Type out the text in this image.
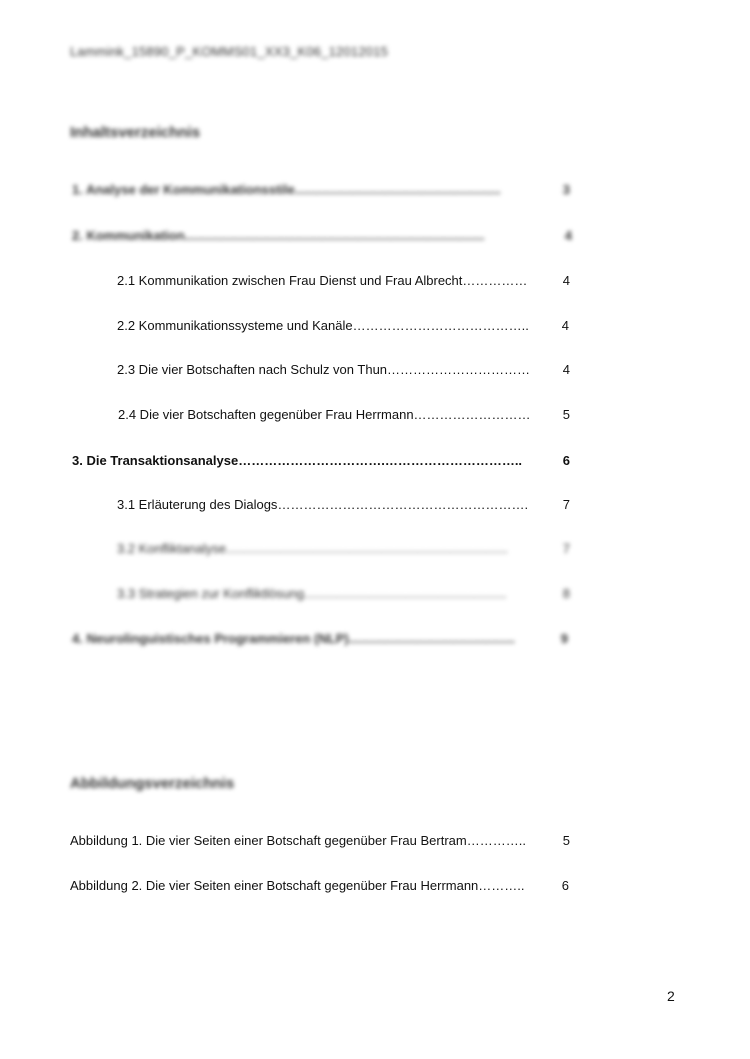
Lammink_15890_P_KOMMS01_XX3_K06_12012015
Inhaltsverzeichnis
1. Analyse der Kommunikationsstile .........................................................	3
2. Kommunikation ...................................................................................	4
2.1 Kommunikation zwischen Frau Dienst und Frau Albrecht ……………	4
2.2 Kommunikationssysteme und Kanäle …………………………………..	4
2.3 Die vier Botschaften nach Schulz von Thun ……………………………	4
2.4 Die vier Botschaften gegenüber Frau Herrmann ………………………	5
3. Die Transaktionsanalyse …………………………….…………………………..	6
3.1 Erläuterung des Dialogs ………………………………………………….	7
3.2 Konfliktanalyse ..............................................................................	7
3.3 Strategien zur Konfliktlösung ........................................................	8
4. Neurolinguistisches Programmieren (NLP) ..............................................	9
Abbildungsverzeichnis
Abbildung 1. Die vier Seiten einer Botschaft gegenüber Frau Bertram …………..	5
Abbildung 2. Die vier Seiten einer Botschaft gegenüber Frau Herrmann ………..	6
2
